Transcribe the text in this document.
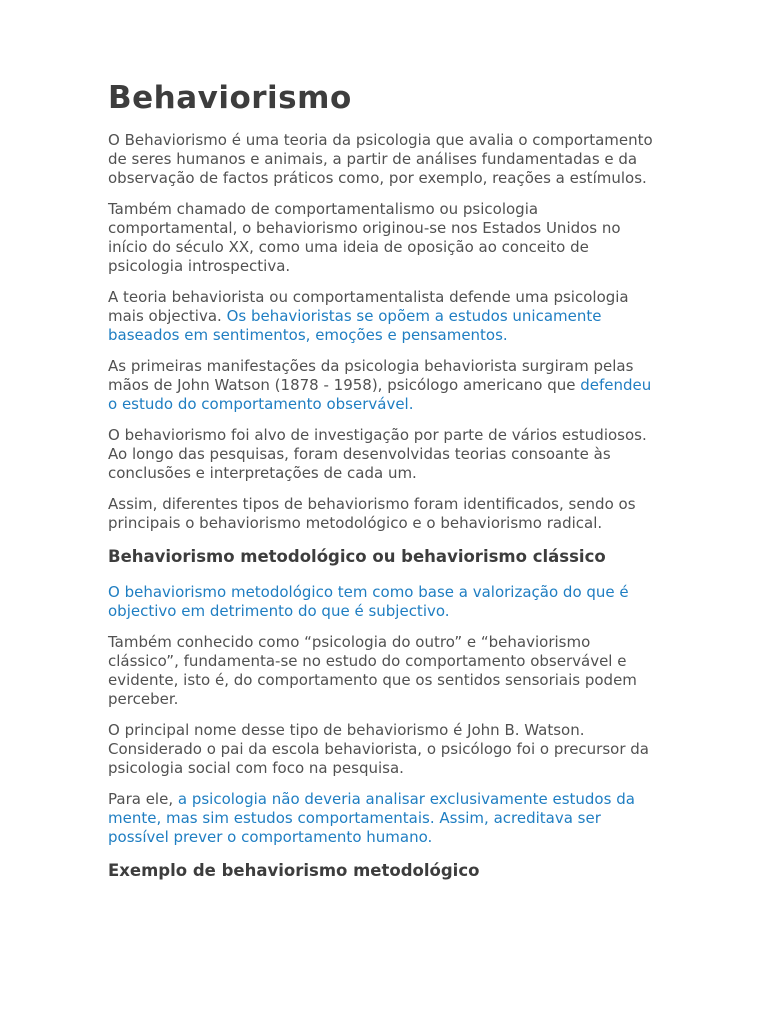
Behaviorismo

O Behaviorismo é uma teoria da psicologia que avalia o comportamento de seres humanos e animais, a partir de análises fundamentadas e da observação de factos práticos como, por exemplo, reações a estímulos.

Também chamado de comportamentalismo ou psicologia comportamental, o behaviorismo originou-se nos Estados Unidos no início do século XX, como uma ideia de oposição ao conceito de psicologia introspectiva.

A teoria behaviorista ou comportamentalista defende uma psicologia mais objectiva. Os behavioristas se opõem a estudos unicamente baseados em sentimentos, emoções e pensamentos.

As primeiras manifestações da psicologia behaviorista surgiram pelas mãos de John Watson (1878 - 1958), psicólogo americano que defendeu o estudo do comportamento observável.

O behaviorismo foi alvo de investigação por parte de vários estudiosos. Ao longo das pesquisas, foram desenvolvidas teorias consoante às conclusões e interpretações de cada um.

Assim, diferentes tipos de behaviorismo foram identificados, sendo os principais o behaviorismo metodológico e o behaviorismo radical.

Behaviorismo metodológico ou behaviorismo clássico

O behaviorismo metodológico tem como base a valorização do que é objectivo em detrimento do que é subjectivo.

Também conhecido como “psicologia do outro” e “behaviorismo clássico”, fundamenta-se no estudo do comportamento observável e evidente, isto é, do comportamento que os sentidos sensoriais podem perceber.

O principal nome desse tipo de behaviorismo é John B. Watson. Considerado o pai da escola behaviorista, o psicólogo foi o precursor da psicologia social com foco na pesquisa.

Para ele, a psicologia não deveria analisar exclusivamente estudos da mente, mas sim estudos comportamentais. Assim, acreditava ser possível prever o comportamento humano.

Exemplo de behaviorismo metodológico
